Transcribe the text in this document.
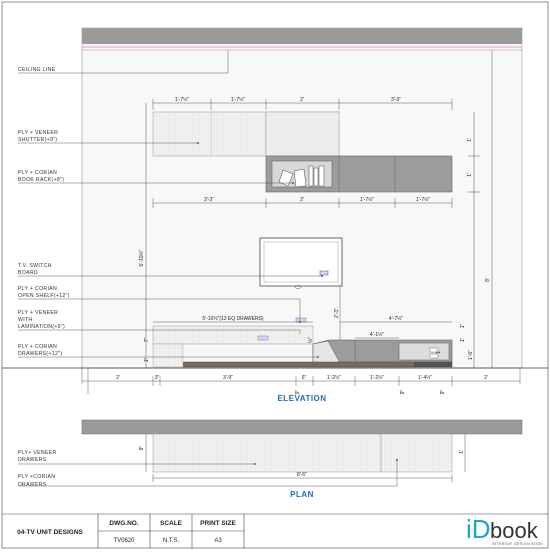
1'-7½"	1'-7½"	2'	3'-3"
3'-3"	2'	1'-7½"	1'-7½"
5'-10½"
1'
1'
8'
5'-10½"(13 EQ DRAWERS)	4'-7½"
4'-1½"
2'-3"
1"
1"
7"
1"
1'	1'-6"
½"
2'	3"	3'-9"	6"	1'-2½"	1'-2½"	1'-4½"	2'
9"	9"	9"
CEILING LINE
PLY + VENEER
SHUTTER(+9")
PLY + CORIAN
BOOK RACK(+8")
T.V. SWITCH
BOARD
PLY + CORIAN
OPEN SHELF(+12")
PLY + VENEER
WITH
LAMINATION(+9")
PLY + CORIAN
DRAWERS(+12")
ELEVATION
8'-6"
9"
1'
PLY+ VENEER
DRAWERS
PLY +CORIAN
DRAWERS
PLAN
04-TV UNIT DESIGNS
DWG.NO.
TV0620
SCALE
N.T.S.
PRINT SIZE
A3	iD book
INTERIOR DESIGN BOOK
